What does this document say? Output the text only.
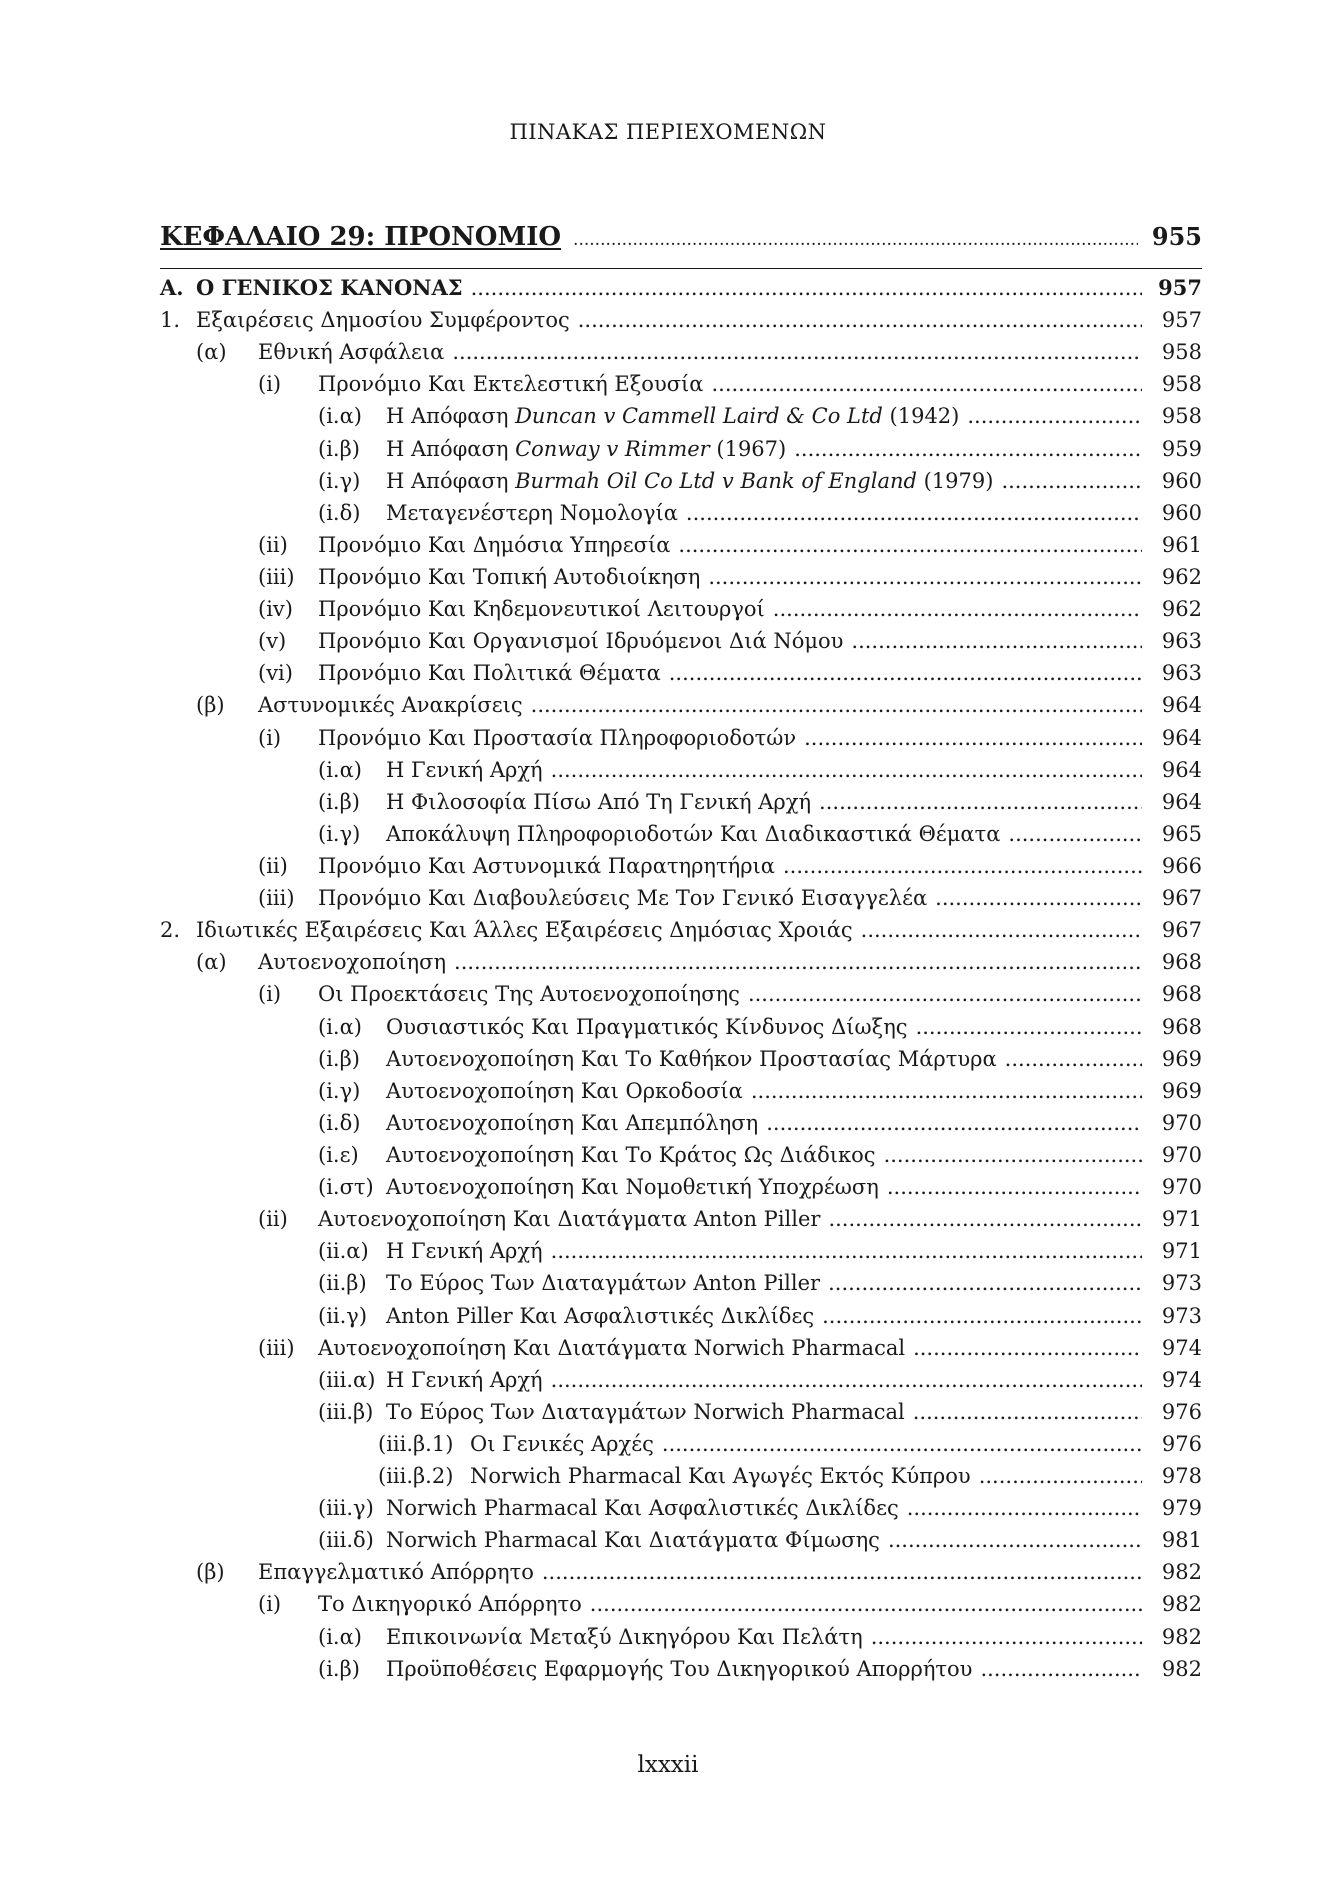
ΠΙΝΑΚΑΣ ΠΕΡΙΕΧΟΜΕΝΩΝ
ΚΕΦΑΛΑΙΟ 29: ΠΡΟΝΟΜΙΟ .....	955
Α. Ο ΓΕΝΙΚΟΣ ΚΑΝΟΝΑΣ .....	957
1. Εξαιρέσεις Δημοσίου Συμφέροντος .....	957
(α)	Εθνική Ασφάλεια .....	958
(i)	Προνόμιο Και Εκτελεστική Εξουσία .....	958
(i.α)	Η Απόφαση Duncan v Cammell Laird & Co Ltd (1942) .....	958
(i.β)	Η Απόφαση Conway v Rimmer (1967) .....	959
(i.γ)	Η Απόφαση Burmah Oil Co Ltd v Bank of England (1979) .....	960
(i.δ)	Μεταγενέστερη Νομολογία .....	960
(ii)	Προνόμιο Και Δημόσια Υπηρεσία .....	961
(iii)	Προνόμιο Και Τοπική Αυτοδιοίκηση .....	962
(iv)	Προνόμιο Και Κηδεμονευτικοί Λειτουργοί .....	962
(v)	Προνόμιο Και Οργανισμοί Ιδρυόμενοι Διά Νόμου .....	963
(vi)	Προνόμιο Και Πολιτικά Θέματα .....	963
(β)	Αστυνομικές Ανακρίσεις .....	964
(i)	Προνόμιο Και Προστασία Πληροφοριοδοτών .....	964
(i.α)	Η Γενική Αρχή .....	964
(i.β)	Η Φιλοσοφία Πίσω Από Τη Γενική Αρχή .....	964
(i.γ)	Αποκάλυψη Πληροφοριοδοτών Και Διαδικαστικά Θέματα .....	965
(ii)	Προνόμιο Και Αστυνομικά Παρατηρητήρια .....	966
(iii)	Προνόμιο Και Διαβουλεύσεις Με Τον Γενικό Εισαγγελέα .....	967
2. Ιδιωτικές Εξαιρέσεις Και Άλλες Εξαιρέσεις Δημόσιας Χροιάς .....	967
(α)	Αυτοενοχοποίηση .....	968
(i)	Οι Προεκτάσεις Της Αυτοενοχοποίησης .....	968
(i.α)	Ουσιαστικός Και Πραγματικός Κίνδυνος Δίωξης .....	968
(i.β)	Αυτοενοχοποίηση Και Το Καθήκον Προστασίας Μάρτυρα .....	969
(i.γ)	Αυτοενοχοποίηση Και Ορκοδοσία .....	969
(i.δ)	Αυτοενοχοποίηση Και Απεμπόληση .....	970
(i.ε)	Αυτοενοχοποίηση Και Το Κράτος Ως Διάδικος .....	970
(i.στ) Αυτοενοχοποίηση Και Νομοθετική Υποχρέωση .....	970
(ii)	Αυτοενοχοποίηση Και Διατάγματα Anton Piller .....	971
(ii.α) Η Γενική Αρχή .....	971
(ii.β) Το Εύρος Των Διαταγμάτων Anton Piller .....	973
(ii.γ) Anton Piller Και Ασφαλιστικές Δικλίδες .....	973
(iii)	Αυτοενοχοποίηση Και Διατάγματα Norwich Pharmacal .....	974
(iii.α) Η Γενική Αρχή .....	974
(iii.β) Το Εύρος Των Διαταγμάτων Norwich Pharmacal .....	976
(iii.β.1) Οι Γενικές Αρχές .....	976
(iii.β.2) Norwich Pharmacal Και Αγωγές Εκτός Κύπρου .....	978
(iii.γ) Norwich Pharmacal Και Ασφαλιστικές Δικλίδες .....	979
(iii.δ) Norwich Pharmacal Και Διατάγματα Φίμωσης .....	981
(β)	Επαγγελματικό Απόρρητο .....	982
(i)	Το Δικηγορικό Απόρρητο .....	982
(i.α)	Επικοινωνία Μεταξύ Δικηγόρου Και Πελάτη .....	982
(i.β)	Προϋποθέσεις Εφαρμογής Του Δικηγορικού Απορρήτου .....	982
lxxxii
